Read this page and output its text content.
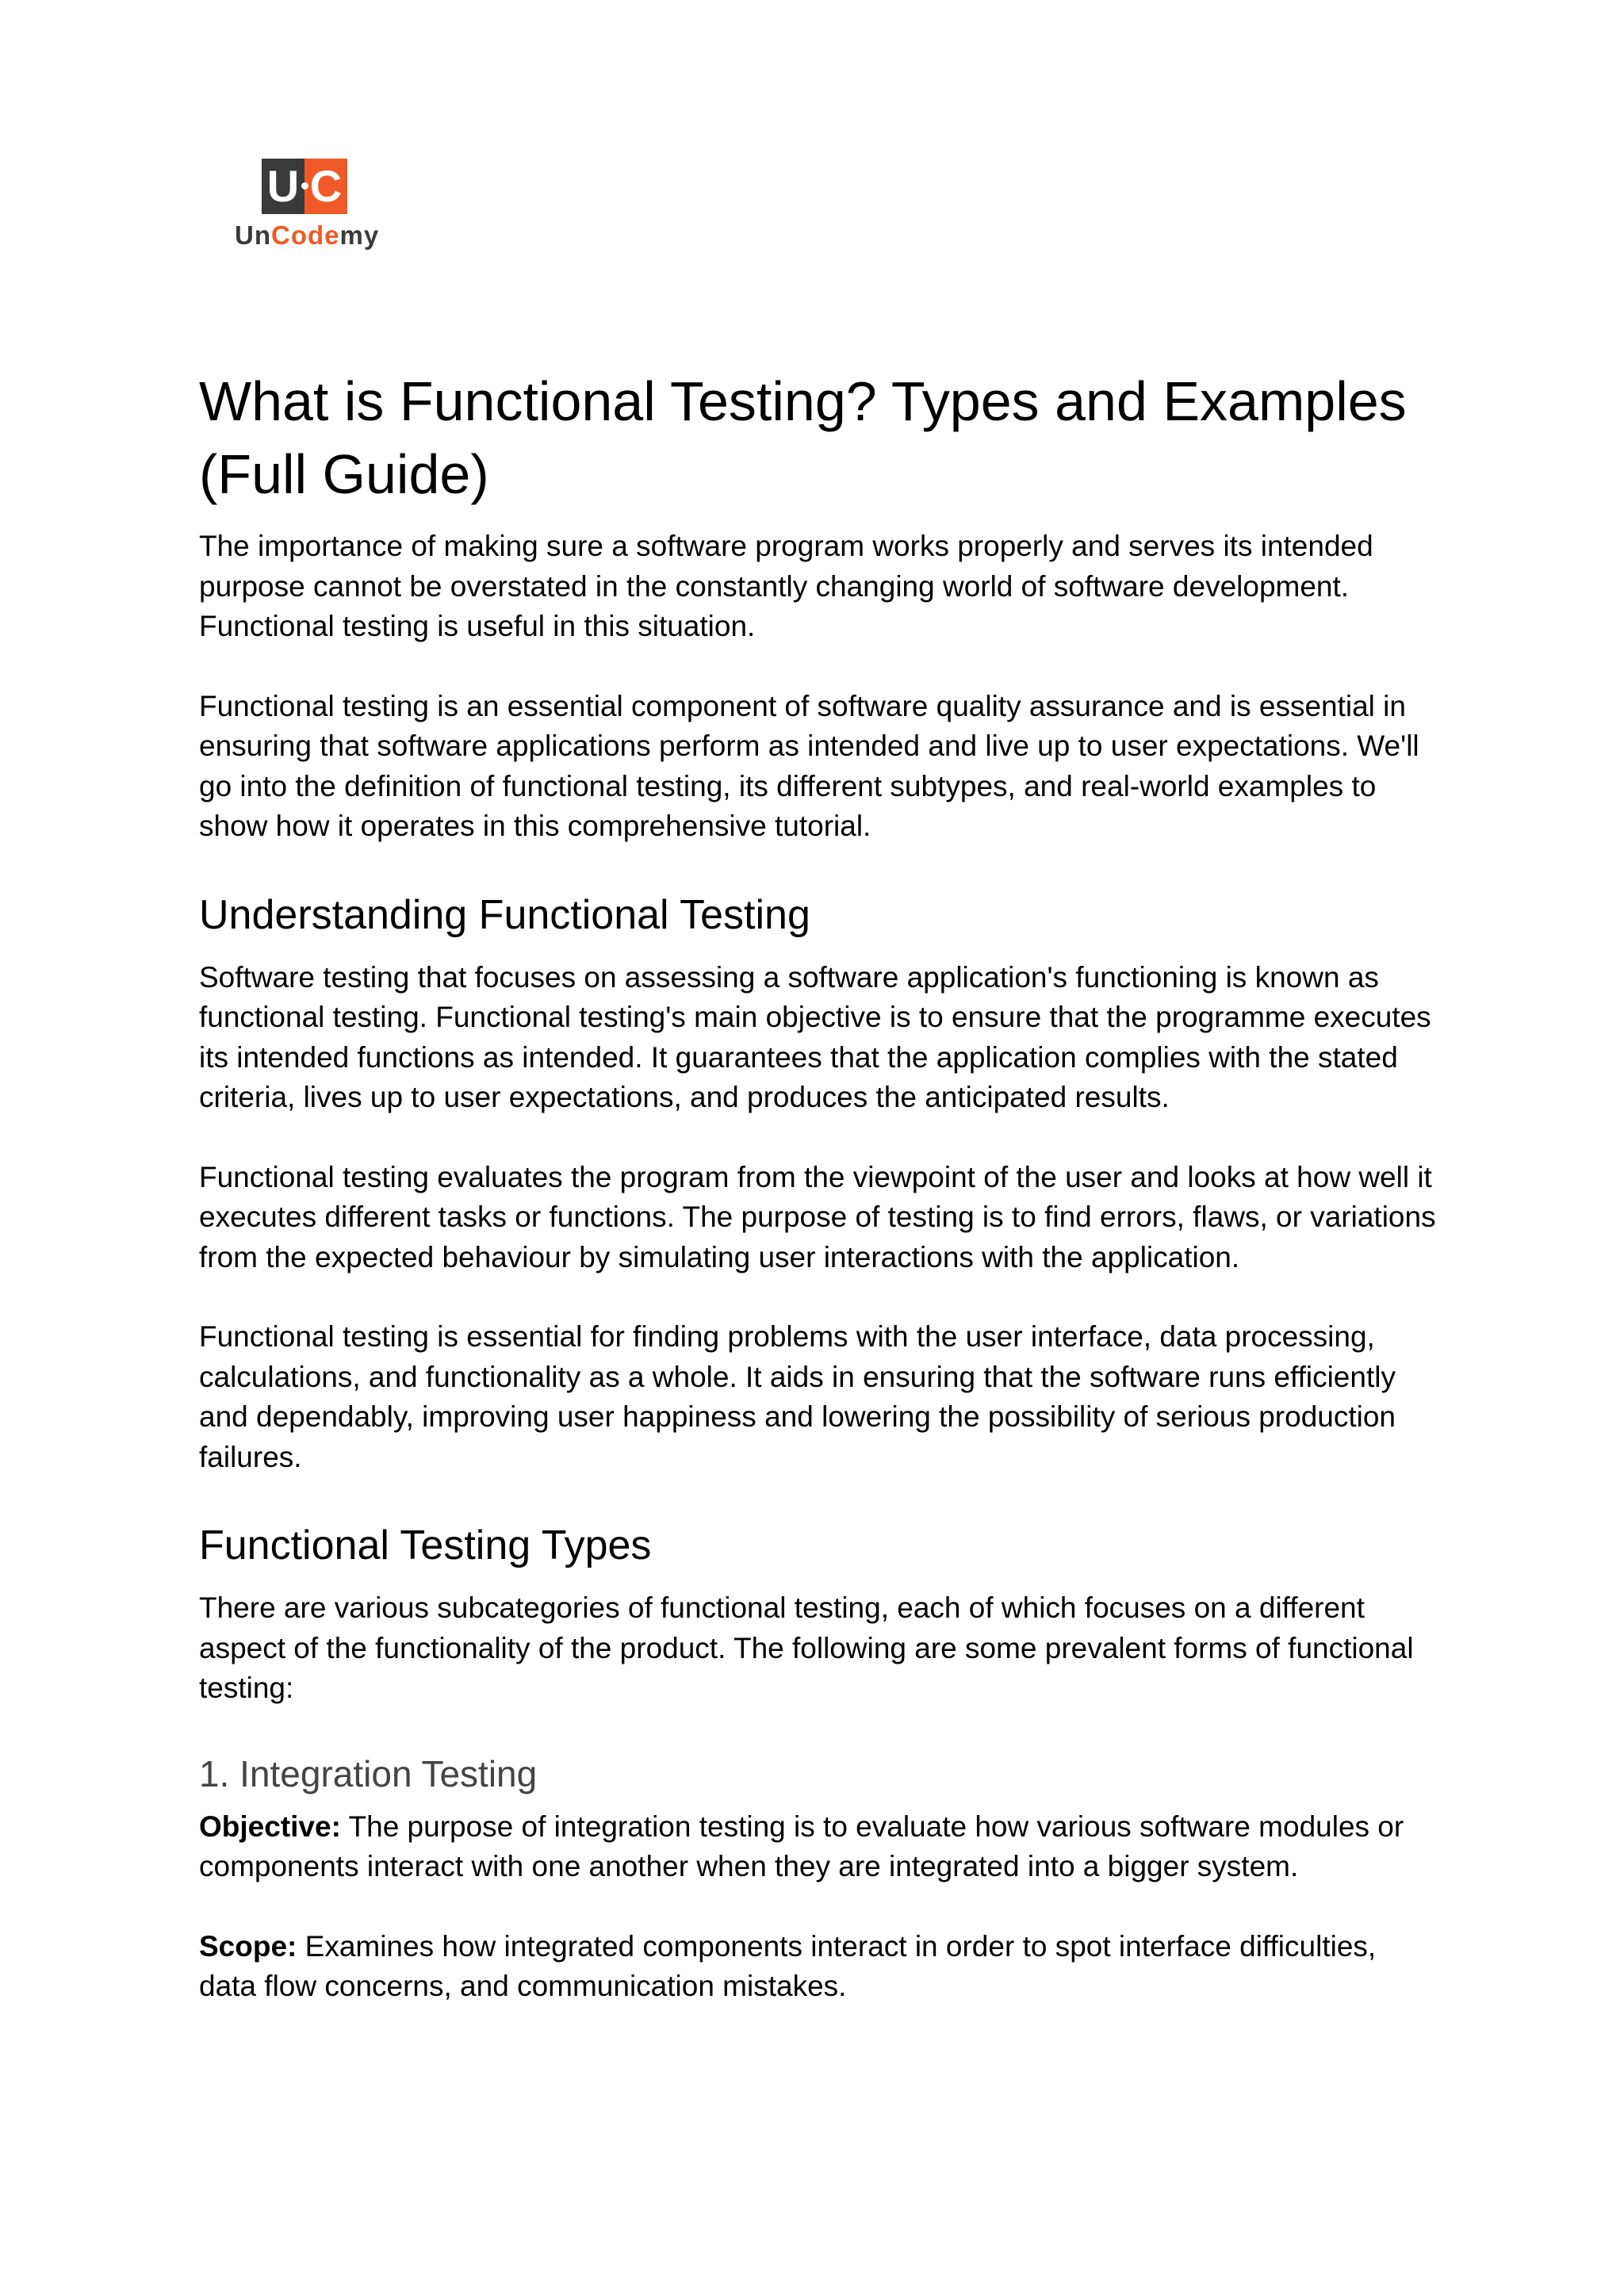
U C
UnCodemy
What is Functional Testing? Types and Examples (Full Guide)

The importance of making sure a software program works properly and serves its intended purpose cannot be overstated in the constantly changing world of software development. Functional testing is useful in this situation.

Functional testing is an essential component of software quality assurance and is essential in ensuring that software applications perform as intended and live up to user expectations. We'll go into the definition of functional testing, its different subtypes, and real-world examples to show how it operates in this comprehensive tutorial.

Understanding Functional Testing

Software testing that focuses on assessing a software application's functioning is known as functional testing. Functional testing's main objective is to ensure that the programme executes its intended functions as intended. It guarantees that the application complies with the stated criteria, lives up to user expectations, and produces the anticipated results.

Functional testing evaluates the program from the viewpoint of the user and looks at how well it executes different tasks or functions. The purpose of testing is to find errors, flaws, or variations from the expected behaviour by simulating user interactions with the application.

Functional testing is essential for finding problems with the user interface, data processing, calculations, and functionality as a whole. It aids in ensuring that the software runs efficiently and dependably, improving user happiness and lowering the possibility of serious production failures.

Functional Testing Types

There are various subcategories of functional testing, each of which focuses on a different aspect of the functionality of the product. The following are some prevalent forms of functional testing:

1. Integration Testing

Objective: The purpose of integration testing is to evaluate how various software modules or components interact with one another when they are integrated into a bigger system.

Scope: Examines how integrated components interact in order to spot interface difficulties, data flow concerns, and communication mistakes.
